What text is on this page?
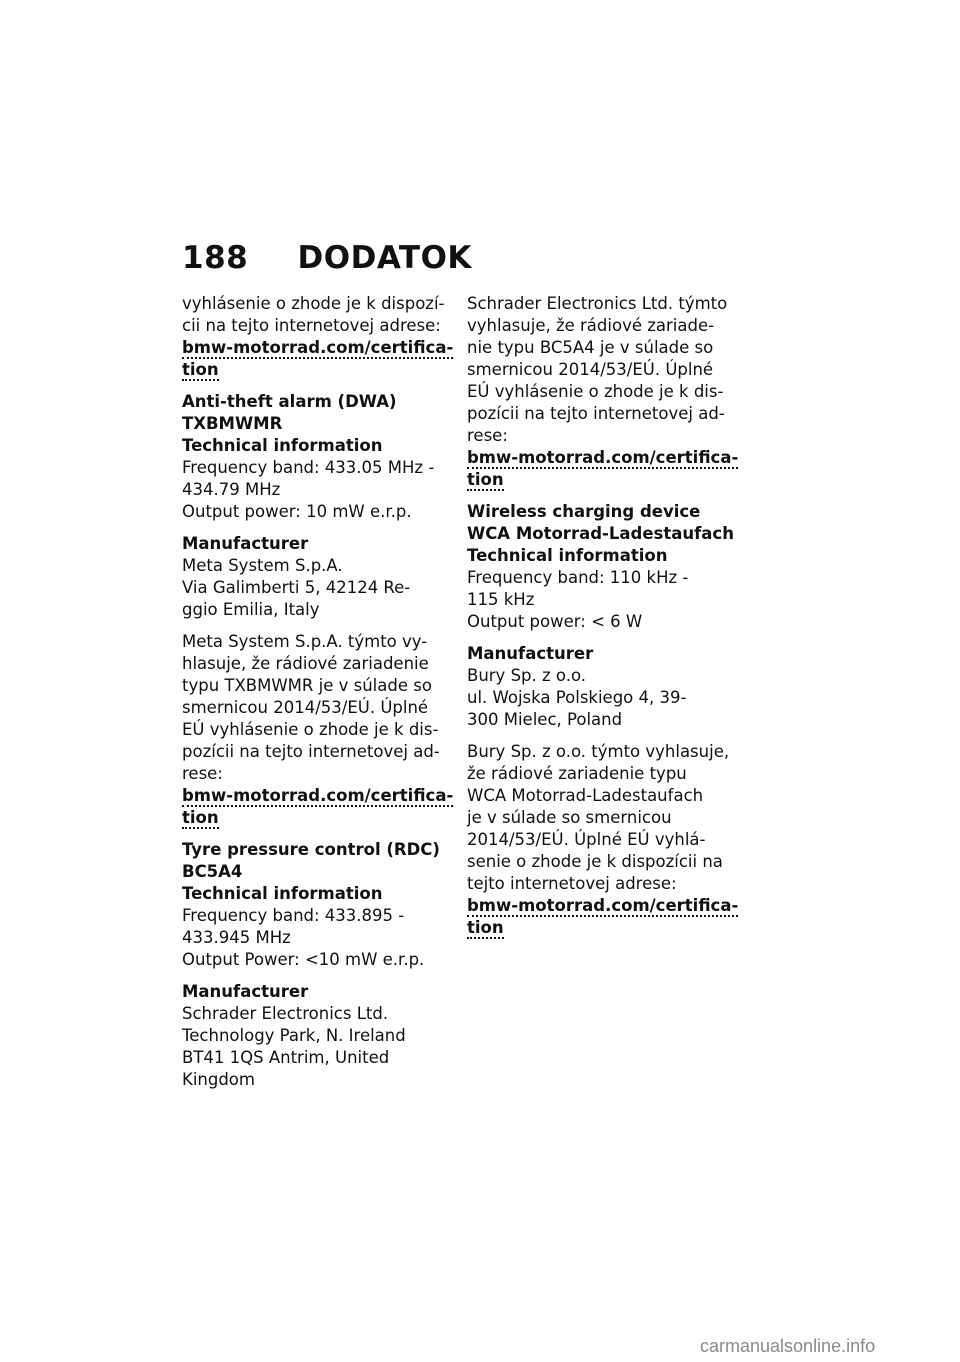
188 DODATOK
vyhlásenie o zhode je k dispozí-
cii na tejto internetovej adrese:
bmw-motorrad.com/certifica-
tion
Anti-theft alarm (DWA)
TXBMWMR
Technical information
Frequency band: 433.05 MHz -
434.79 MHz
Output power: 10 mW e.r.p.
Manufacturer
Meta System S.p.A.
Via Galimberti 5, 42124 Re-
ggio Emilia, Italy
Meta System S.p.A. týmto vy-
hlasuje, že rádiové zariadenie
typu TXBMWMR je v súlade so
smernicou 2014/53/EÚ. Úplné
EÚ vyhlásenie o zhode je k dis-
pozícii na tejto internetovej ad-
rese:
bmw-motorrad.com/certifica-
tion
Tyre pressure control (RDC)
BC5A4
Technical information
Frequency band: 433.895 -
433.945 MHz
Output Power: <10 mW e.r.p.
Manufacturer
Schrader Electronics Ltd.
Technology Park, N. Ireland
BT41 1QS Antrim, United
Kingdom
Schrader Electronics Ltd. týmto
vyhlasuje, že rádiové zariade-
nie typu BC5A4 je v súlade so
smernicou 2014/53/EÚ. Úplné
EÚ vyhlásenie o zhode je k dis-
pozícii na tejto internetovej ad-
rese:
bmw-motorrad.com/certifica-
tion
Wireless charging device
WCA Motorrad-Ladestaufach
Technical information
Frequency band: 110 kHz -
115 kHz
Output power: < 6 W
Manufacturer
Bury Sp. z o.o.
ul. Wojska Polskiego 4, 39-
300 Mielec, Poland
Bury Sp. z o.o. týmto vyhlasuje,
že rádiové zariadenie typu
WCA Motorrad-Ladestaufach
je v súlade so smernicou
2014/53/EÚ. Úplné EÚ vyhlá-
senie o zhode je k dispozícii na
tejto internetovej adrese:
bmw-motorrad.com/certifica-
tion
carmanualsonline.info
